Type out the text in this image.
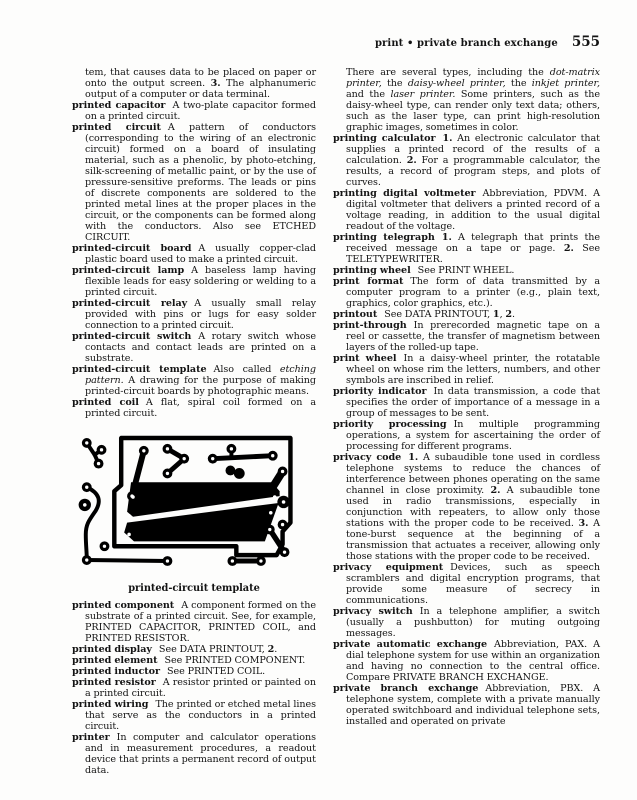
print • private branch exchange 555

tem, that causes data to be placed on paper or onto the output screen. 3. The alphanumeric output of a computer or data terminal.

printed capacitor A two-plate capacitor formed on a printed circuit.

printed circuit A pattern of conductors (corresponding to the wiring of an electronic circuit) formed on a board of insulating material, such as a phenolic, by photo-etching, silk-screening of metallic paint, or by the use of pressure-sensitive preforms. The leads or pins of discrete components are soldered to the printed metal lines at the proper places in the circuit, or the components can be formed along with the conductors. Also see ETCHED CIRCUIT.

printed-circuit board A usually copper-clad plastic board used to make a printed circuit.

printed-circuit lamp A baseless lamp having flexible leads for easy soldering or welding to a printed circuit.

printed-circuit relay A usually small relay provided with pins or lugs for easy solder connection to a printed circuit.

printed-circuit switch A rotary switch whose contacts and contact leads are printed on a substrate.

printed-circuit template Also called etching pattern. A drawing for the purpose of making printed-circuit boards by photographic means.

printed coil A flat, spiral coil formed on a printed circuit.

printed-circuit template

printed component A component formed on the substrate of a printed circuit. See, for example, PRINTED CAPACITOR, PRINTED COIL, and PRINTED RESISTOR.

printed display See DATA PRINTOUT, 2.

printed element See PRINTED COMPONENT.

printed inductor See PRINTED COIL.

printed resistor A resistor printed or painted on a printed circuit.

printed wiring The printed or etched metal lines that serve as the conductors in a printed circuit.

printer In computer and calculator operations and in measurement procedures, a readout device that prints a permanent record of output data.

There are several types, including the dot-matrix printer, the daisy-wheel printer, the inkjet printer, and the laser printer. Some printers, such as the daisy-wheel type, can render only text data; others, such as the laser type, can print high-resolution graphic images, sometimes in color.

printing calculator 1. An electronic calculator that supplies a printed record of the results of a calculation. 2. For a programmable calculator, the results, a record of program steps, and plots of curves.

printing digital voltmeter Abbreviation, PDVM. A digital voltmeter that delivers a printed record of a voltage reading, in addition to the usual digital readout of the voltage.

printing telegraph 1. A telegraph that prints the received message on a tape or page. 2. See TELETYPEWRITER.

printing wheel See PRINT WHEEL.

print format The form of data transmitted by a computer program to a printer (e.g., plain text, graphics, color graphics, etc.).

printout See DATA PRINTOUT, 1, 2.

print-through In prerecorded magnetic tape on a reel or cassette, the transfer of magnetism between layers of the rolled-up tape.

print wheel In a daisy-wheel printer, the rotatable wheel on whose rim the letters, numbers, and other symbols are inscribed in relief.

priority indicator In data transmission, a code that specifies the order of importance of a message in a group of messages to be sent.

priority processing In multiple programming operations, a system for ascertaining the order of processing for different programs.

privacy code 1. A subaudible tone used in cordless telephone systems to reduce the chances of interference between phones operating on the same channel in close proximity. 2. A subaudible tone used in radio transmissions, especially in conjunction with repeaters, to allow only those stations with the proper code to be received. 3. A tone-burst sequence at the beginning of a transmission that actuates a receiver, allowing only those stations with the proper code to be received.

privacy equipment Devices, such as speech scramblers and digital encryption programs, that provide some measure of secrecy in communications.

privacy switch In a telephone amplifier, a switch (usually a pushbutton) for muting outgoing messages.

private automatic exchange Abbreviation, PAX. A dial telephone system for use within an organization and having no connection to the central office. Compare PRIVATE BRANCH EXCHANGE.

private branch exchange Abbreviation, PBX. A telephone system, complete with a private manually operated switchboard and individual telephone sets, installed and operated on private
